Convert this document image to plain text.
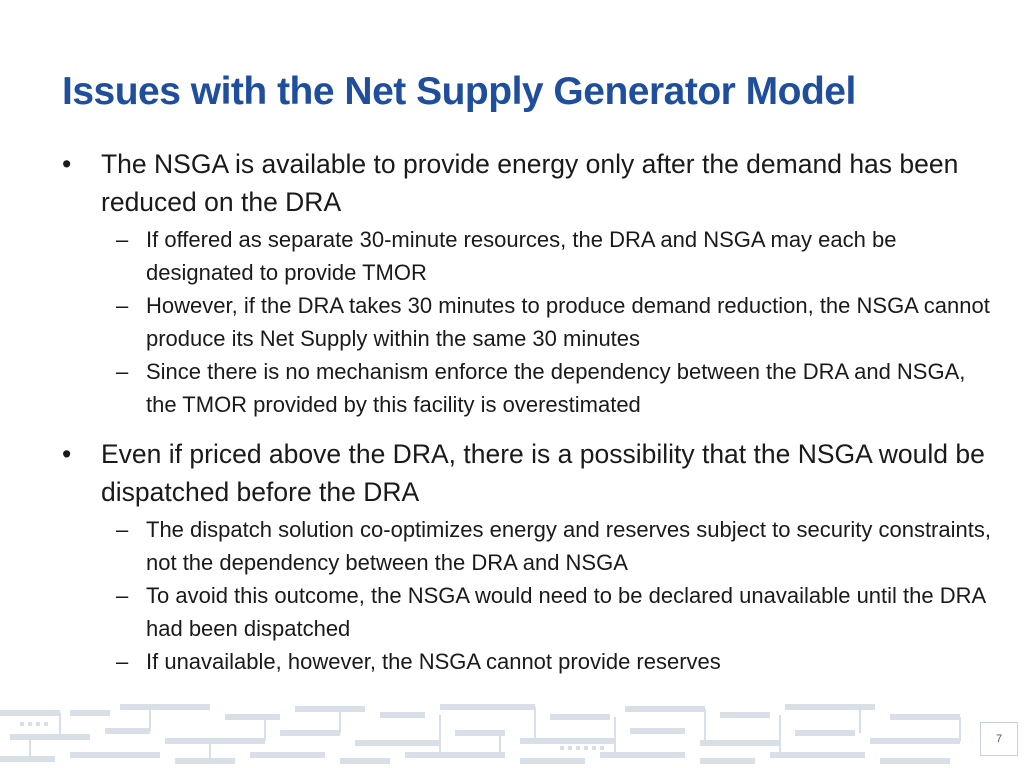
Issues with the Net Supply Generator Model
•	The NSGA is available to provide energy only after the demand has been reduced on the DRA
– If offered as separate 30-minute resources, the DRA and NSGA may each be designated to provide TMOR
– However, if the DRA takes 30 minutes to produce demand reduction, the NSGA cannot produce its Net Supply within the same 30 minutes
– Since there is no mechanism enforce the dependency between the DRA and NSGA, the TMOR provided by this facility is overestimated
•	Even if priced above the DRA, there is a possibility that the NSGA would be dispatched before the DRA
– The dispatch solution co-optimizes energy and reserves subject to security constraints, not the dependency between the DRA and NSGA
– To avoid this outcome, the NSGA would need to be declared unavailable until the DRA had been dispatched
– If unavailable, however, the NSGA cannot provide reserves
7
